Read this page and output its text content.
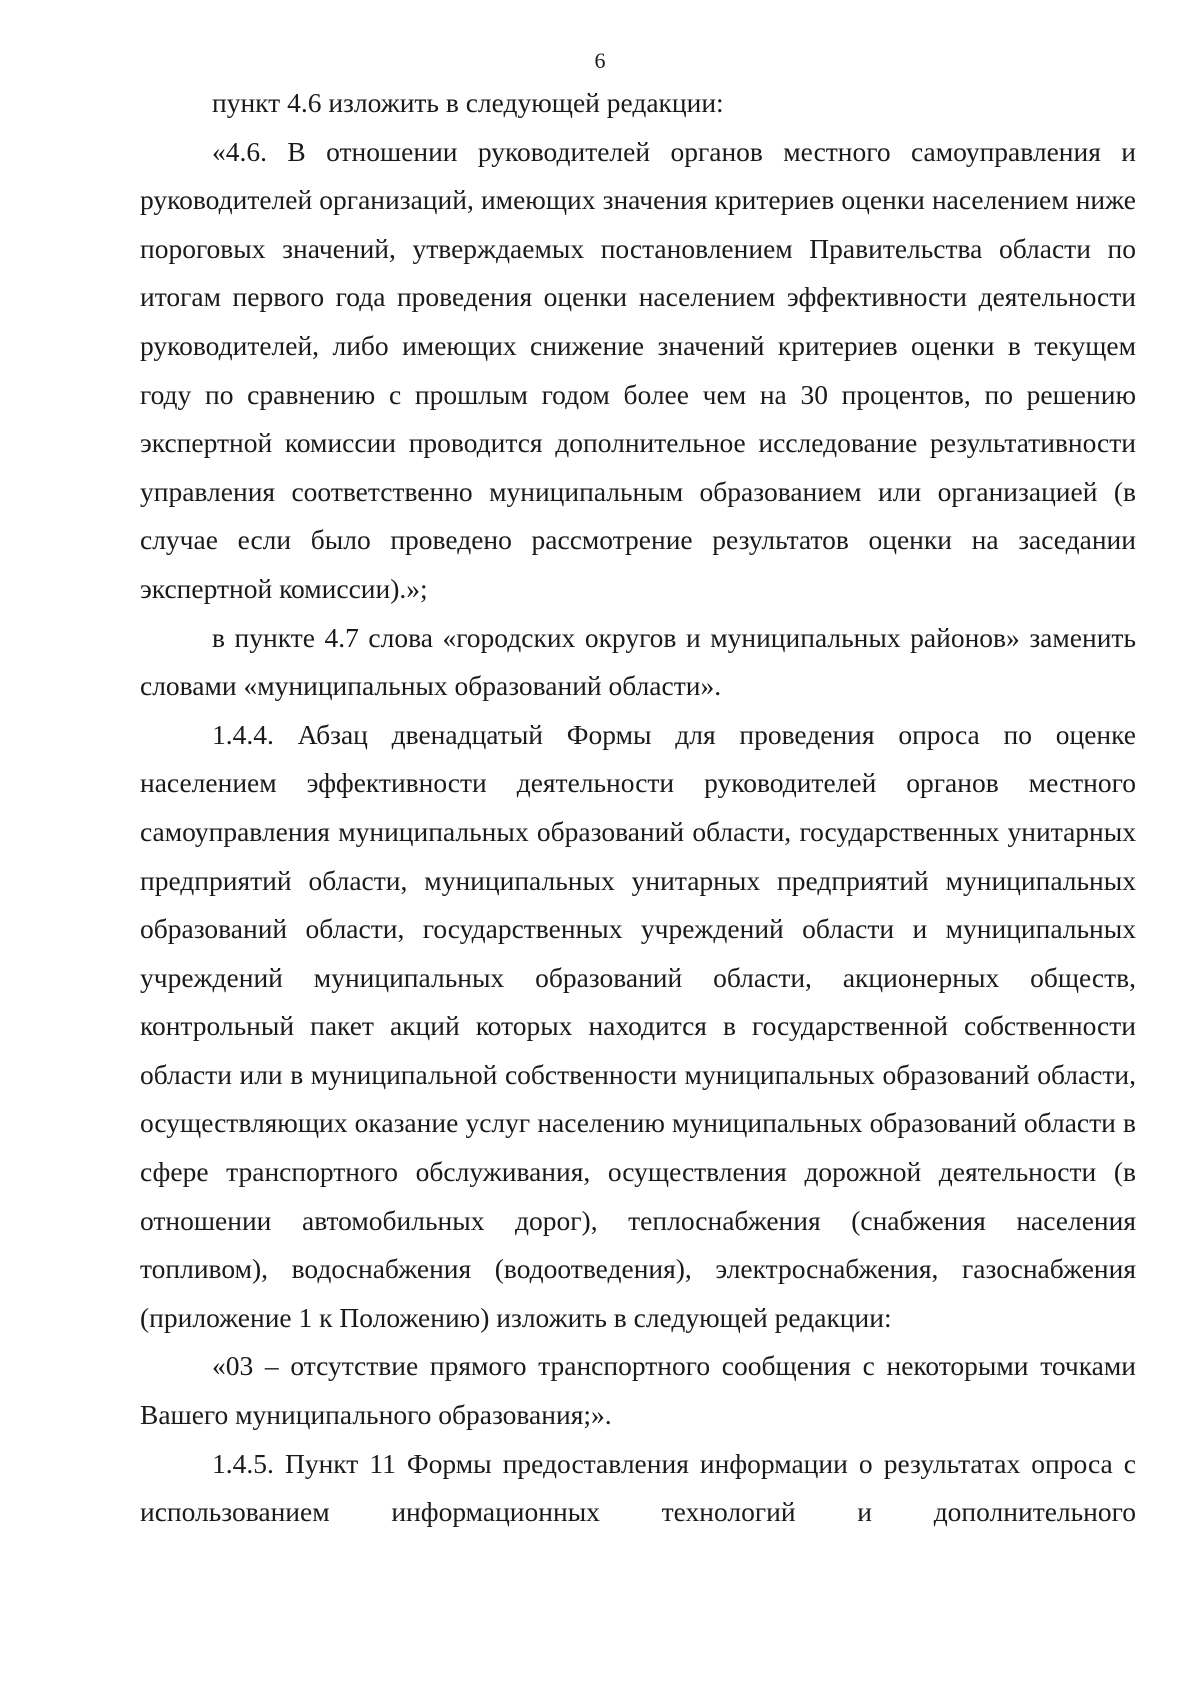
6

пункт 4.6 изложить в следующей редакции:

«4.6. В отношении руководителей органов местного самоуправления и руководителей организаций, имеющих значения критериев оценки населением ниже пороговых значений, утверждаемых постановлением Правительства области по итогам первого года проведения оценки населением эффективности деятельности руководителей, либо имеющих снижение значений критериев оценки в текущем году по сравнению с прошлым годом более чем на 30 процентов, по решению экспертной комиссии проводится дополнительное исследование результативности управления соответственно муниципальным образованием или организацией (в случае если было проведено рассмотрение результатов оценки на заседании экспертной комиссии).»;

в пункте 4.7 слова «городских округов и муниципальных районов» заменить словами «муниципальных образований области».

1.4.4. Абзац двенадцатый Формы для проведения опроса по оценке населением эффективности деятельности руководителей органов местного самоуправления муниципальных образований области, государственных унитарных предприятий области, муниципальных унитарных предприятий муниципальных образований области, государственных учреждений области и муниципальных учреждений муниципальных образований области, акционерных обществ, контрольный пакет акций которых находится в государственной собственности области или в муниципальной собственности муниципальных образований области, осуществляющих оказание услуг населению муниципальных образований области в сфере транспортного обслуживания, осуществления дорожной деятельности (в отношении автомобильных дорог), теплоснабжения (снабжения населения топливом), водоснабжения (водоотведения), электроснабжения, газоснабжения (приложение 1 к Положению) изложить в следующей редакции:

«03 – отсутствие прямого транспортного сообщения с некоторыми точками Вашего муниципального образования;».

1.4.5. Пункт 11 Формы предоставления информации о результатах опроса с использованием информационных технологий и дополнительного
